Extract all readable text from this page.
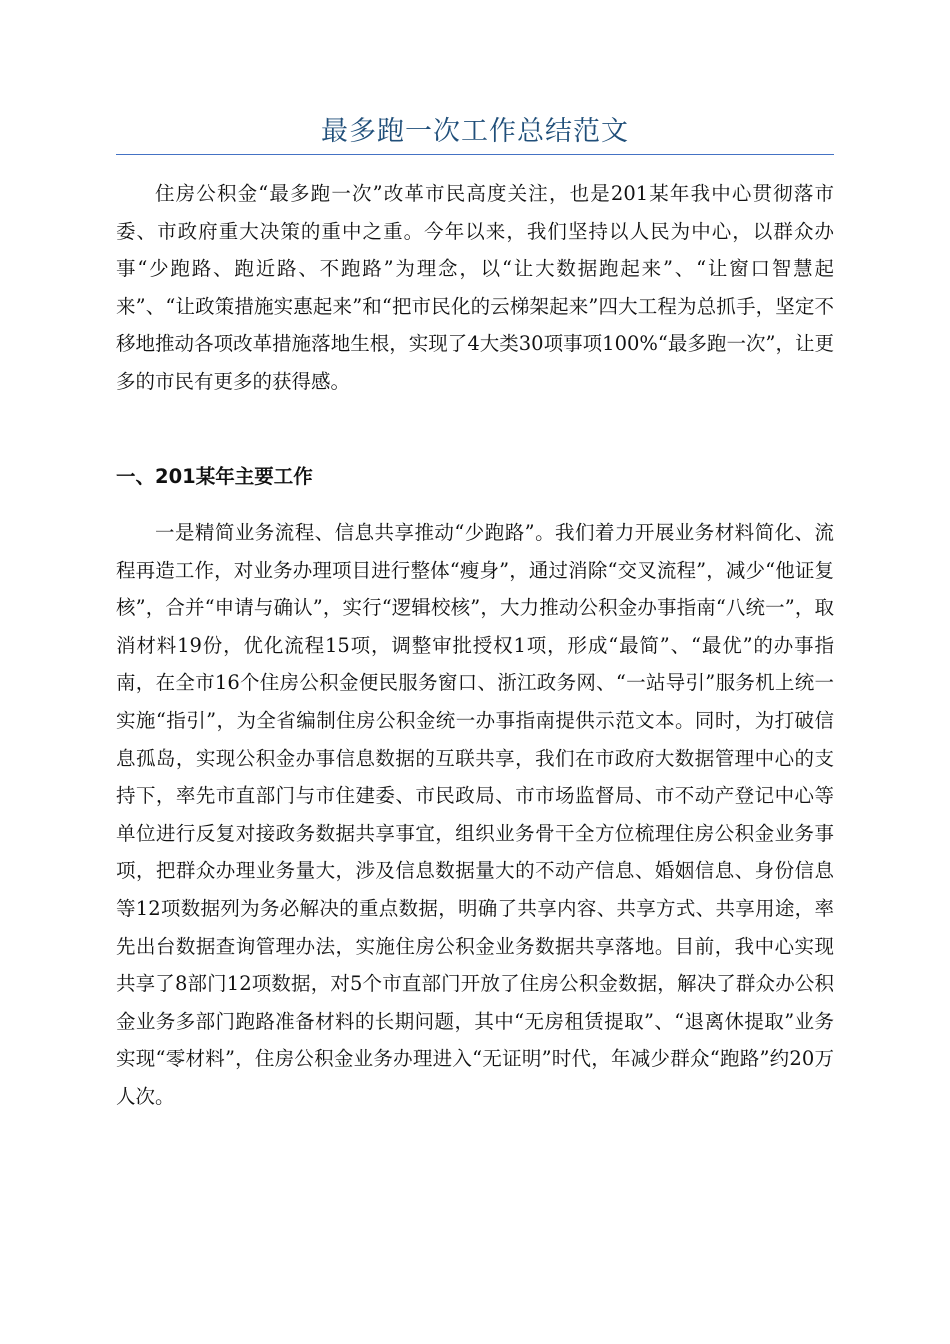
最多跑一次工作总结范文

住房公积金“最多跑一次”改革市民高度关注，也是201某年我中心贯彻落市委、市政府重大决策的重中之重。今年以来，我们坚持以人民为中心，以群众办事“少跑路、跑近路、不跑路”为理念，以“让大数据跑起来”、“让窗口智慧起来”、“让政策措施实惠起来”和“把市民化的云梯架起来”四大工程为总抓手，坚定不移地推动各项改革措施落地生根，实现了4大类30项事项100%“最多跑一次”，让更多的市民有更多的获得感。

一、201某年主要工作

一是精简业务流程、信息共享推动“少跑路”。我们着力开展业务材料简化、流程再造工作，对业务办理项目进行整体“瘦身”，通过消除“交叉流程”，减少“他证复核”，合并“申请与确认”，实行“逻辑校核”，大力推动公积金办事指南“八统一”，取消材料19份，优化流程15项，调整审批授权1项，形成“最简”、“最优”的办事指南，在全市16个住房公积金便民服务窗口、浙江政务网、“一站导引”服务机上统一实施“指引”，为全省编制住房公积金统一办事指南提供示范文本。同时，为打破信息孤岛，实现公积金办事信息数据的互联共享，我们在市政府大数据管理中心的支持下，率先市直部门与市住建委、市民政局、市市场监督局、市不动产登记中心等单位进行反复对接政务数据共享事宜，组织业务骨干全方位梳理住房公积金业务事项，把群众办理业务量大，涉及信息数据量大的不动产信息、婚姻信息、身份信息等12项数据列为务必解决的重点数据，明确了共享内容、共享方式、共享用途，率先出台数据查询管理办法，实施住房公积金业务数据共享落地。目前，我中心实现共享了8部门12项数据，对5个市直部门开放了住房公积金数据，解决了群众办公积金业务多部门跑路准备材料的长期问题，其中“无房租赁提取”、“退离休提取”业务实现“零材料”，住房公积金业务办理进入“无证明”时代，年减少群众“跑路”约20万人次。
